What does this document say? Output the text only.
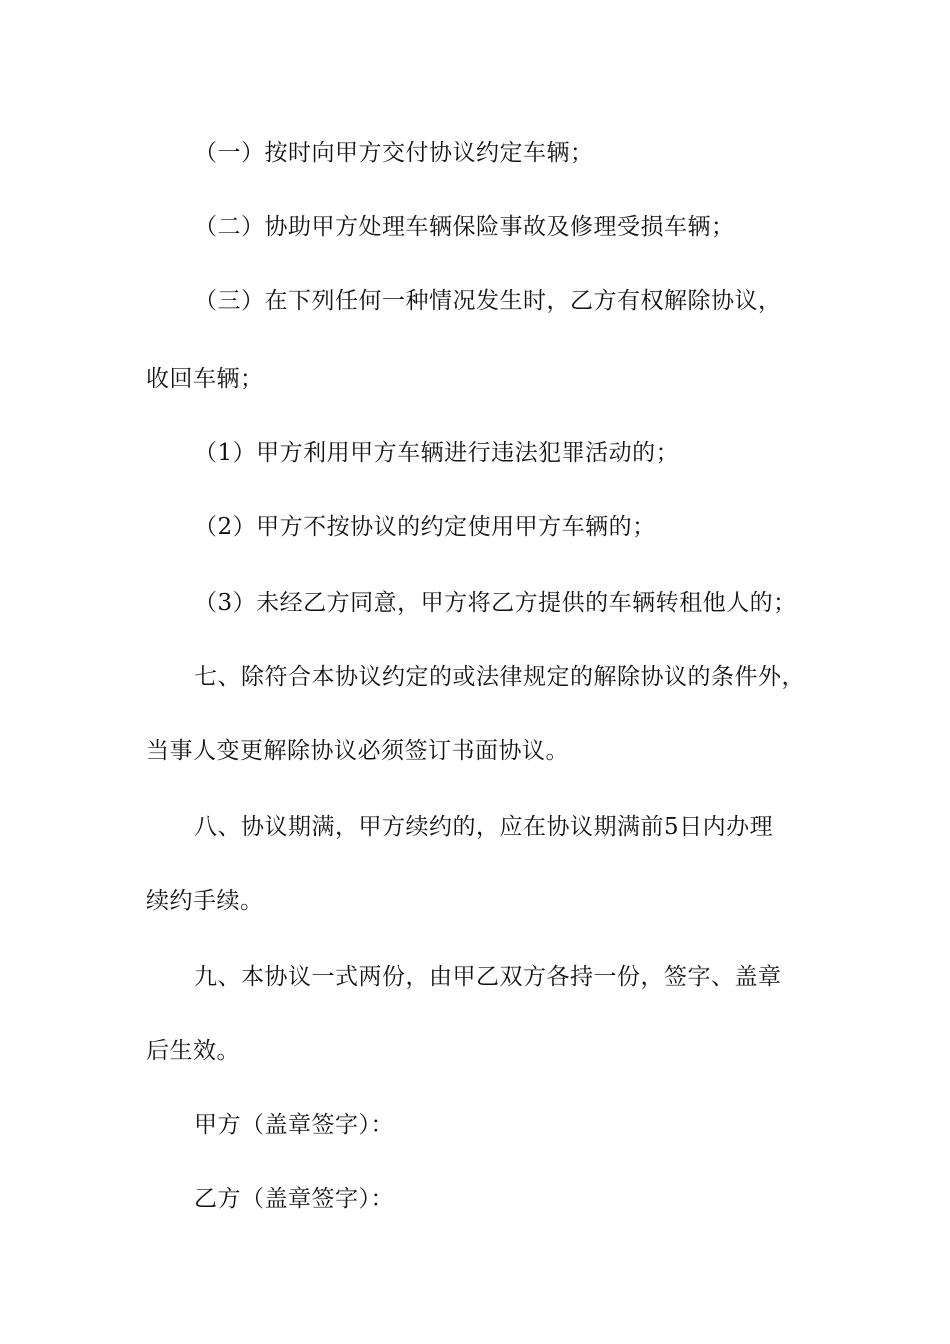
（一）按时向甲方交付协议约定车辆；
（二）协助甲方处理车辆保险事故及修理受损车辆；
（三）在下列任何一种情况发生时，乙方有权解除协议，
收回车辆；
（1）甲方利用甲方车辆进行违法犯罪活动的；
（2）甲方不按协议的约定使用甲方车辆的；
（3）未经乙方同意，甲方将乙方提供的车辆转租他人的；
七、除符合本协议约定的或法律规定的解除协议的条件外，
当事人变更解除协议必须签订书面协议。
八、协议期满，甲方续约的，应在协议期满前5日内办理
续约手续。
九、本协议一式两份，由甲乙双方各持一份，签字、盖章
后生效。
甲方（盖章签字）：
乙方（盖章签字）：
